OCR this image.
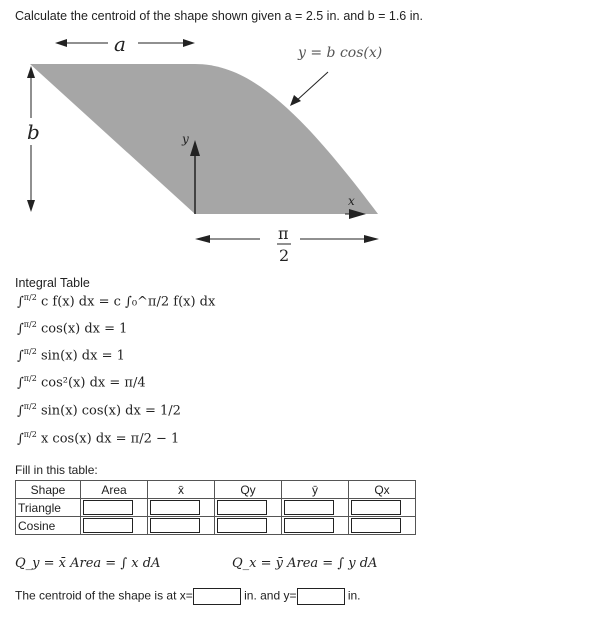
Calculate the centroid of the shape shown given a = 2.5 in. and b = 1.6 in.
a
b
y = b cos(x)
y
x
π
2
Integral Table
∫$^{\pi/2}$ c f(x) dx = c ∫₀^π/2 f(x) dx
∫$^{\pi/2}$ cos(x) dx = 1
∫$^{\pi/2}$ sin(x) dx = 1
∫$^{\pi/2}$ cos²(x) dx = π/4
∫$^{\pi/2}$ sin(x) cos(x) dx = 1/2
∫$^{\pi/2}$ x cos(x) dx = π/2 − 1
Fill in this table:
Shape	Area	x̄	Qy	ȳ	Qx
Triangle	

Cosine	

Q_y = x̄ Area = ∫ x dA	Q_x = ȳ Area = ∫ y dA
The centroid of the shape is at x=	in. and y=	in.
